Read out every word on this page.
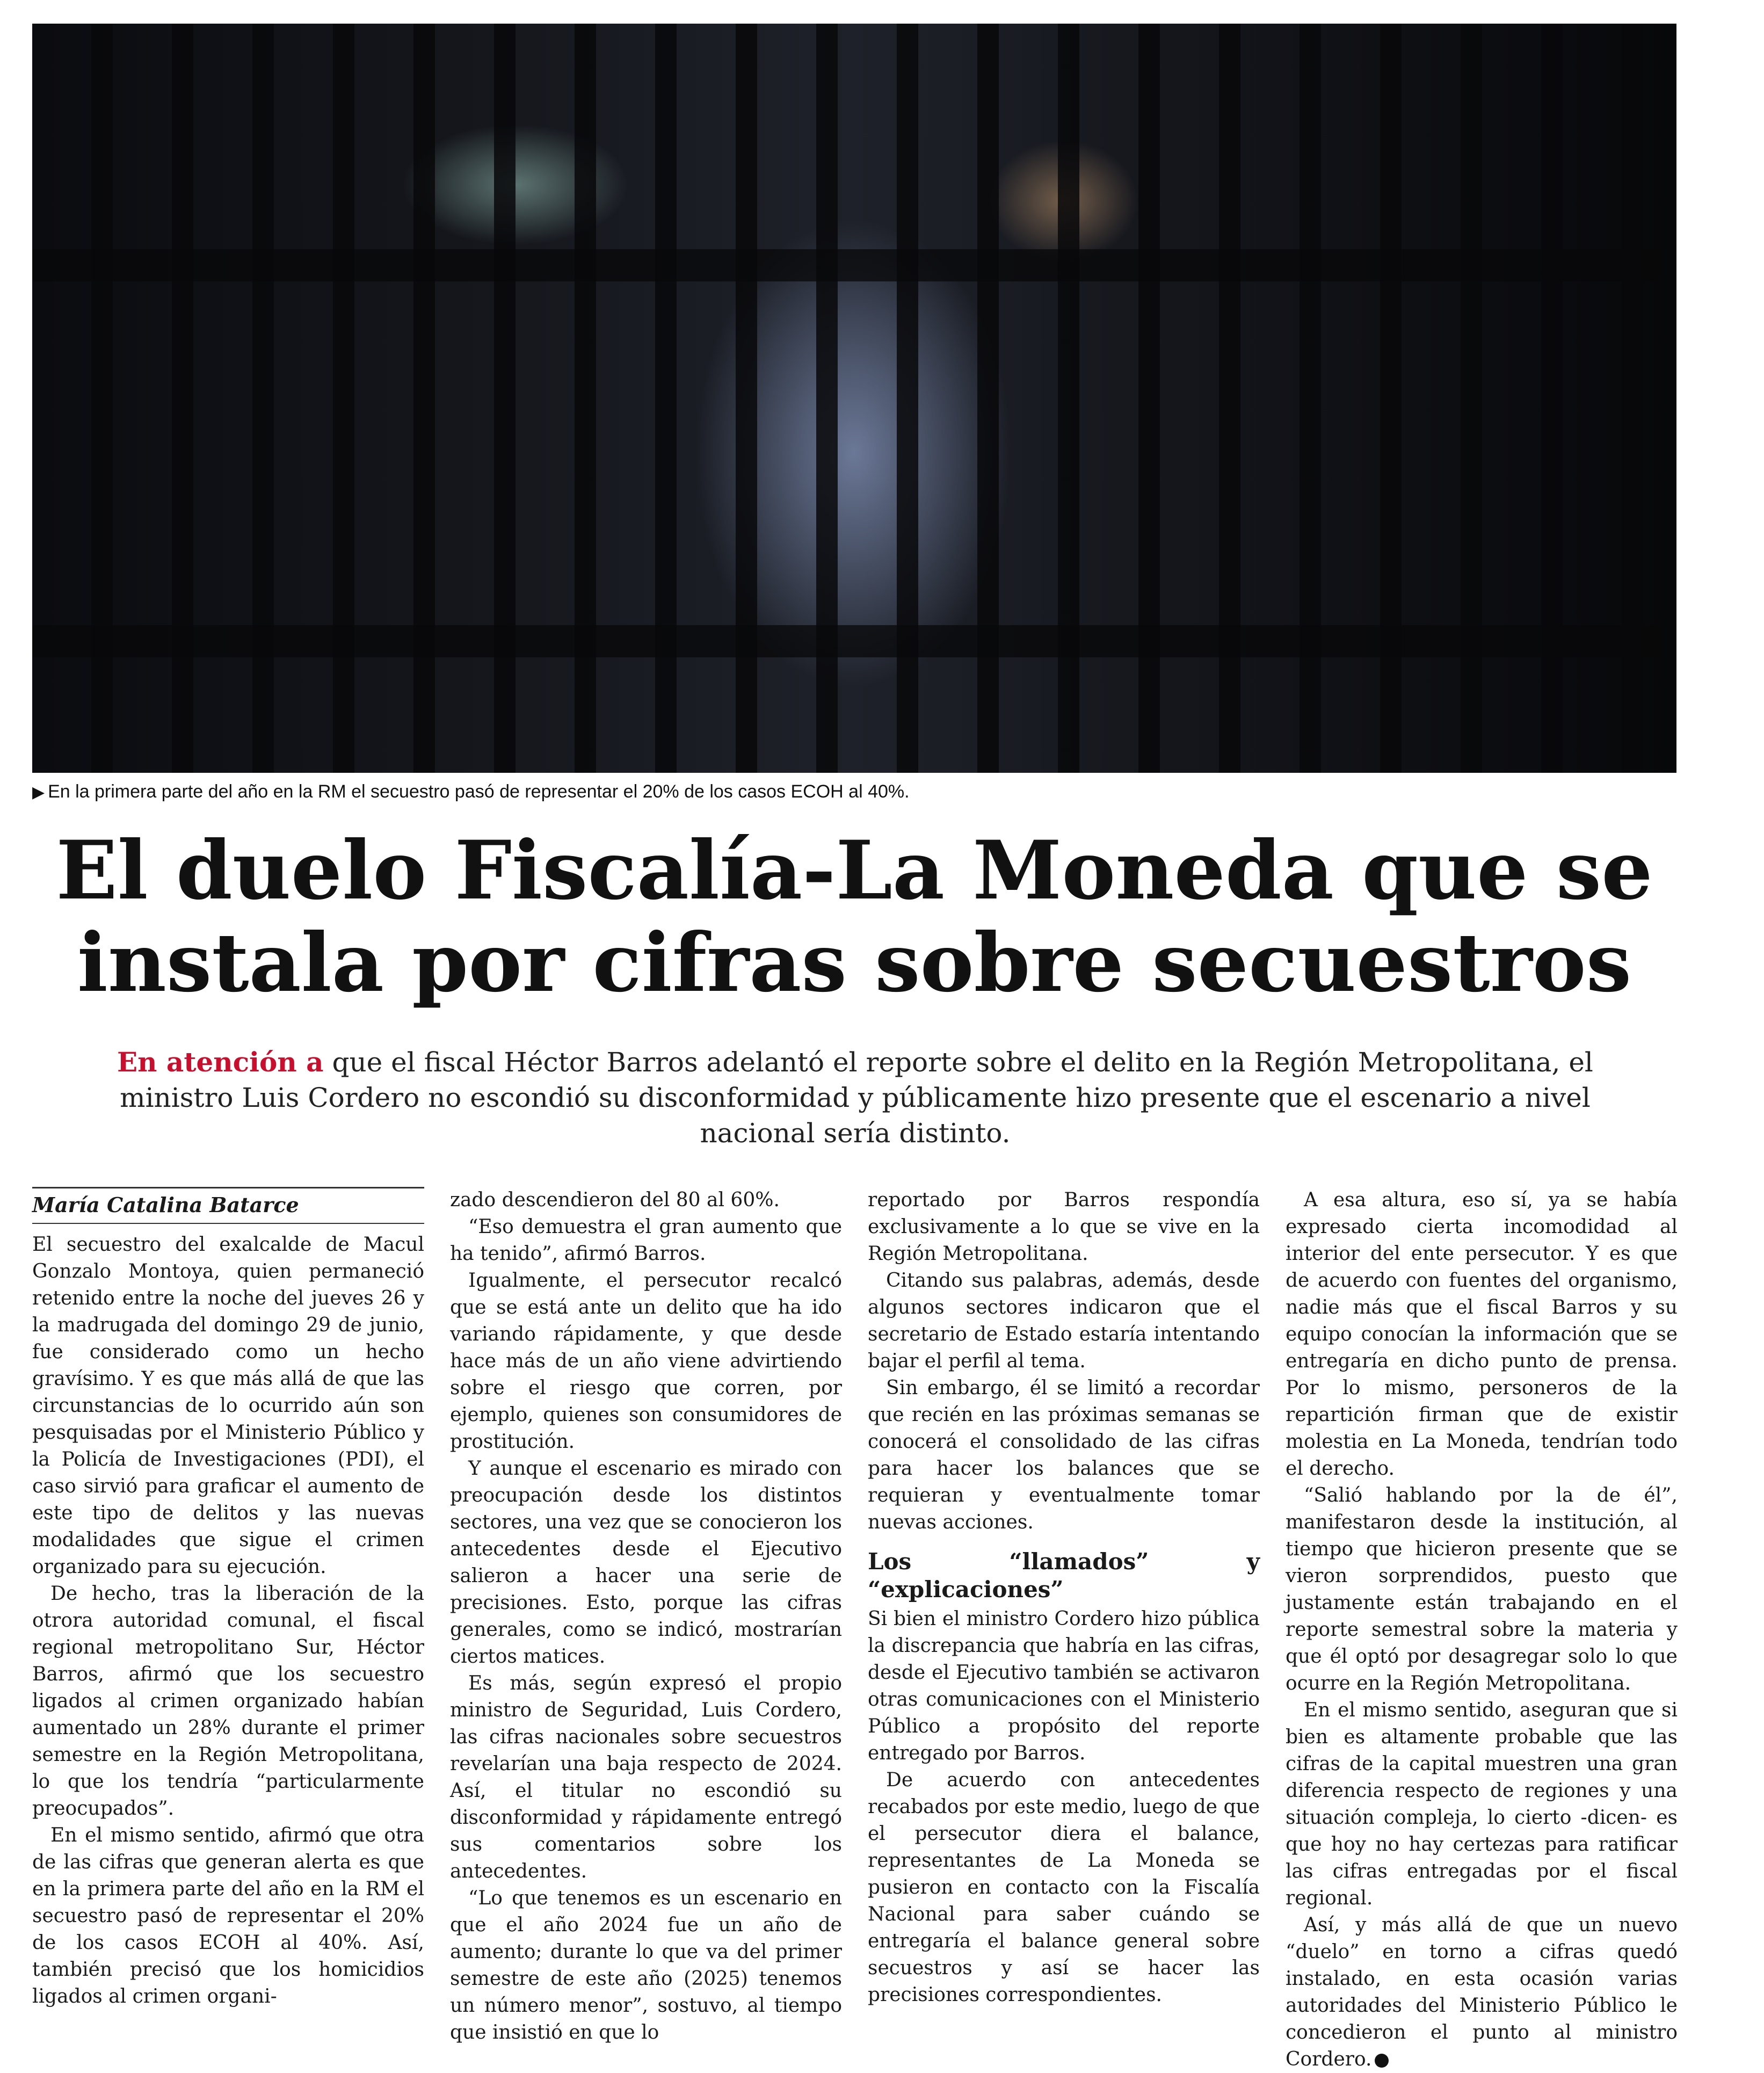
▶ En la primera parte del año en la RM el secuestro pasó de representar el 20% de los casos ECOH al 40%.
El duelo Fiscalía-La Moneda que se instala por cifras sobre secuestros
En atención a que el fiscal Héctor Barros adelantó el reporte sobre el delito en la Región Metropolitana, el ministro Luis Cordero no escondió su disconformidad y públicamente hizo presente que el escenario a nivel nacional sería distinto.
María Catalina Batarce

El secuestro del exalcalde de Macul Gonzalo Montoya, quien permaneció retenido entre la noche del jueves 26 y la madrugada del domingo 29 de junio, fue considerado como un hecho gravísimo. Y es que más allá de que las circunstancias de lo ocurrido aún son pesquisadas por el Ministerio Público y la Policía de Investigaciones (PDI), el caso sirvió para graficar el aumento de este tipo de delitos y las nuevas modalidades que sigue el crimen organizado para su ejecución.

De hecho, tras la liberación de la otrora autoridad comunal, el fiscal regional metropolitano Sur, Héctor Barros, afirmó que los secuestro ligados al crimen organizado habían aumentado un 28% durante el primer semestre en la Región Metropolitana, lo que los tendría “particularmente preocupados”.

En el mismo sentido, afirmó que otra de las cifras que generan alerta es que en la primera parte del año en la RM el secuestro pasó de representar el 20% de los casos ECOH al 40%. Así, también precisó que los homicidios ligados al crimen organi-

zado descendieron del 80 al 60%.

“Eso demuestra el gran aumento que ha tenido”, afirmó Barros.

Igualmente, el persecutor recalcó que se está ante un delito que ha ido variando rápidamente, y que desde hace más de un año viene advirtiendo sobre el riesgo que corren, por ejemplo, quienes son consumidores de prostitución.

Y aunque el escenario es mirado con preocupación desde los distintos sectores, una vez que se conocieron los antecedentes desde el Ejecutivo salieron a hacer una serie de precisiones. Esto, porque las cifras generales, como se indicó, mostrarían ciertos matices.

Es más, según expresó el propio ministro de Seguridad, Luis Cordero, las cifras nacionales sobre secuestros revelarían una baja respecto de 2024. Así, el titular no escondió su disconformidad y rápidamente entregó sus comentarios sobre los antecedentes.

“Lo que tenemos es un escenario en que el año 2024 fue un año de aumento; durante lo que va del primer semestre de este año (2025) tenemos un número menor”, sostuvo, al tiempo que insistió en que lo

reportado por Barros respondía exclusivamente a lo que se vive en la Región Metropolitana.

Citando sus palabras, además, desde algunos sectores indicaron que el secretario de Estado estaría intentando bajar el perfil al tema.

Sin embargo, él se limitó a recordar que recién en las próximas semanas se conocerá el consolidado de las cifras para hacer los balances que se requieran y eventualmente tomar nuevas acciones.

Los “llamados” y “explicaciones”

Si bien el ministro Cordero hizo pública la discrepancia que habría en las cifras, desde el Ejecutivo también se activaron otras comunicaciones con el Ministerio Público a propósito del reporte entregado por Barros.

De acuerdo con antecedentes recabados por este medio, luego de que el persecutor diera el balance, representantes de La Moneda se pusieron en contacto con la Fiscalía Nacional para saber cuándo se entregaría el balance general sobre secuestros y así se hacer las precisiones correspondientes.

A esa altura, eso sí, ya se había expresado cierta incomodidad al interior del ente persecutor. Y es que de acuerdo con fuentes del organismo, nadie más que el fiscal Barros y su equipo conocían la información que se entregaría en dicho punto de prensa. Por lo mismo, personeros de la repartición firman que de existir molestia en La Moneda, tendrían todo el derecho.

“Salió hablando por la de él”, manifestaron desde la institución, al tiempo que hicieron presente que se vieron sorprendidos, puesto que justamente están trabajando en el reporte semestral sobre la materia y que él optó por desagregar solo lo que ocurre en la Región Metropolitana.

En el mismo sentido, aseguran que si bien es altamente probable que las cifras de la capital muestren una gran diferencia respecto de regiones y una situación compleja, lo cierto -dicen- es que hoy no hay certezas para ratificar las cifras entregadas por el fiscal regional.

Así, y más allá de que un nuevo “duelo” en torno a cifras quedó instalado, en esta ocasión varias autoridades del Ministerio Público le concedieron el punto al ministro Cordero.
